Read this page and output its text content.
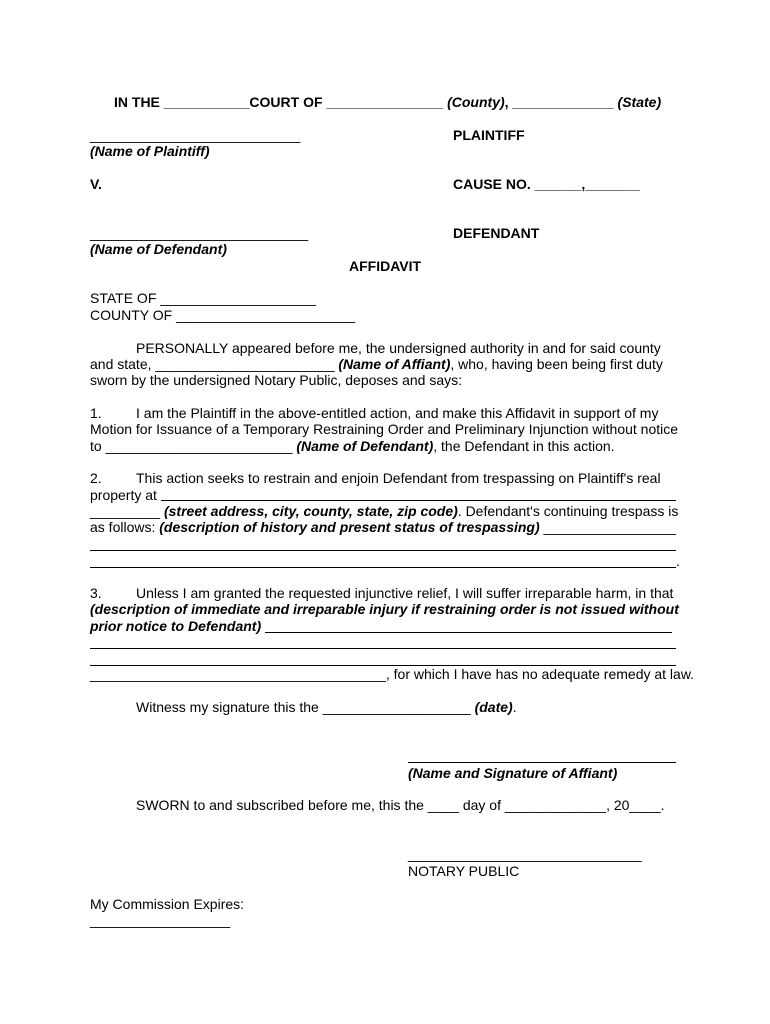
IN THE ___________COURT OF _______________ (County), _____________ (State)
___________________________	PLAINTIFF
(Name of Plaintiff)
V.	CAUSE NO. ______,_______
____________________________	DEFENDANT
(Name of Defendant)
AFFIDAVIT
STATE OF ____________________
COUNTY OF _______________________
PERSONALLY appeared before me, the undersigned authority in and for said county
and state, _______________________ (Name of Affiant), who, having been being first duty
sworn by the undersigned Notary Public, deposes and says:
1. I am the Plaintiff in the above-entitled action, and make this Affidavit in support of my
Motion for Issuance of a Temporary Restraining Order and Preliminary Injunction without notice
to ________________________ (Name of Defendant), the Defendant in this action.
2. This action seeks to restrain and enjoin Defendant from trespassing on Plaintiff's real
property at
_________ (street address, city, county, state, zip code). Defendant's continuing trespass is
as follows: (description of history and present status of trespassing) _________________
.
3. Unless I am granted the requested injunctive relief, I will suffer irreparable harm, in that
(description of immediate and irreparable injury if restraining order is not issued without
prior notice to Defendant)
______________________________________, for which I have has no adequate remedy at law.
Witness my signature this the ___________________ (date).
(Name and Signature of Affiant)
SWORN to and subscribed before me, this the ____ day of _____________, 20____.
______________________________
NOTARY PUBLIC
My Commission Expires:
__________________
